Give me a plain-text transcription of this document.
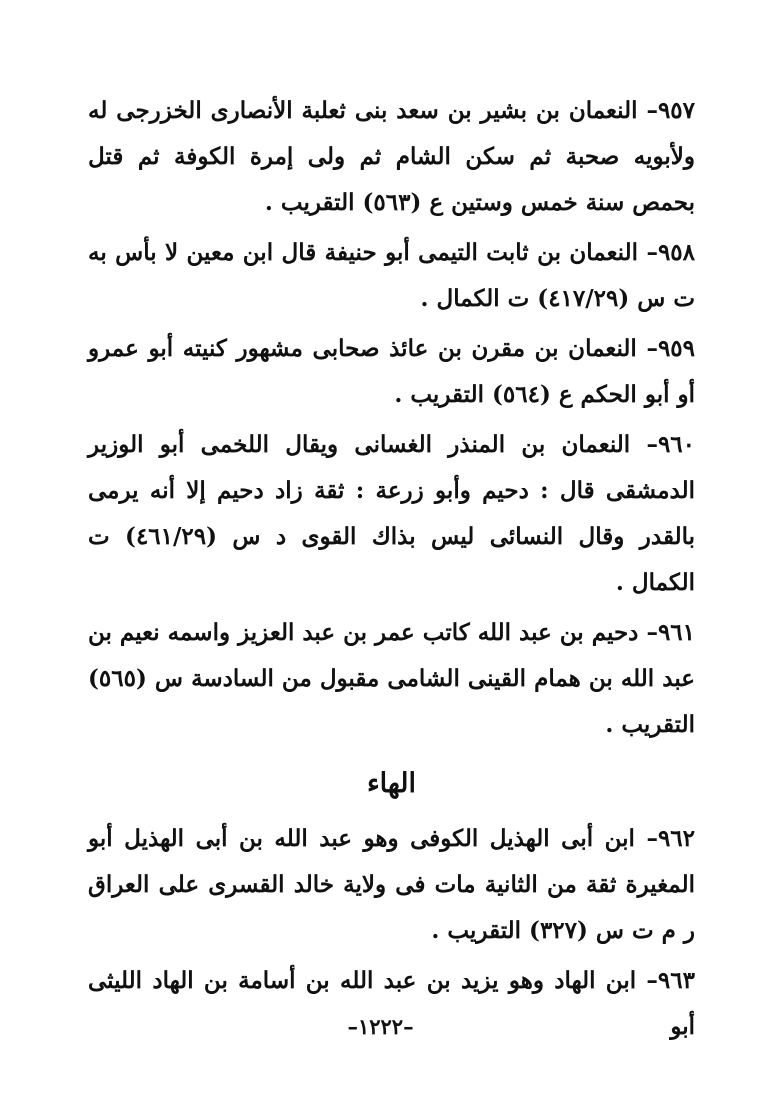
٩٥٧– النعمان بن بشير بن سعد بنى ثعلبة الأنصارى الخزرجى له ولأبويه صحبة ثم سكن الشام ثم ولى إمرة الكوفة ثم قتل بحمص سنة خمس وستين ع (٥٦٣) التقريب .

٩٥٨– النعمان بن ثابت التيمى أبو حنيفة قال ابن معين لا بأس به ت س (٤١٧/٢٩) ت الكمال .

٩٥٩– النعمان بن مقرن بن عائذ صحابى مشهور كنيته أبو عمرو أو أبو الحكم ع (٥٦٤) التقريب .

٩٦٠– النعمان بن المنذر الغسانى ويقال اللخمى أبو الوزير الدمشقى قال : دحيم وأبو زرعة : ثقة زاد دحيم إلا أنه يرمى بالقدر وقال النسائى ليس بذاك القوى د س (٤٦١/٢٩) ت الكمال .

٩٦١– دحيم بن عبد الله كاتب عمر بن عبد العزيز واسمه نعيم بن عبد الله بن همام القينى الشامى مقبول من السادسة س (٥٦٥) التقريب .

الهاء

٩٦٢– ابن أبى الهذيل الكوفى وهو عبد الله بن أبى الهذيل أبو المغيرة ثقة من الثانية مات فى ولاية خالد القسرى على العراق ر م ت س (٣٢٧) التقريب .

٩٦٣– ابن الهاد وهو يزيد بن عبد الله بن أسامة بن الهاد الليثى أبو

–١٢٢٢–
